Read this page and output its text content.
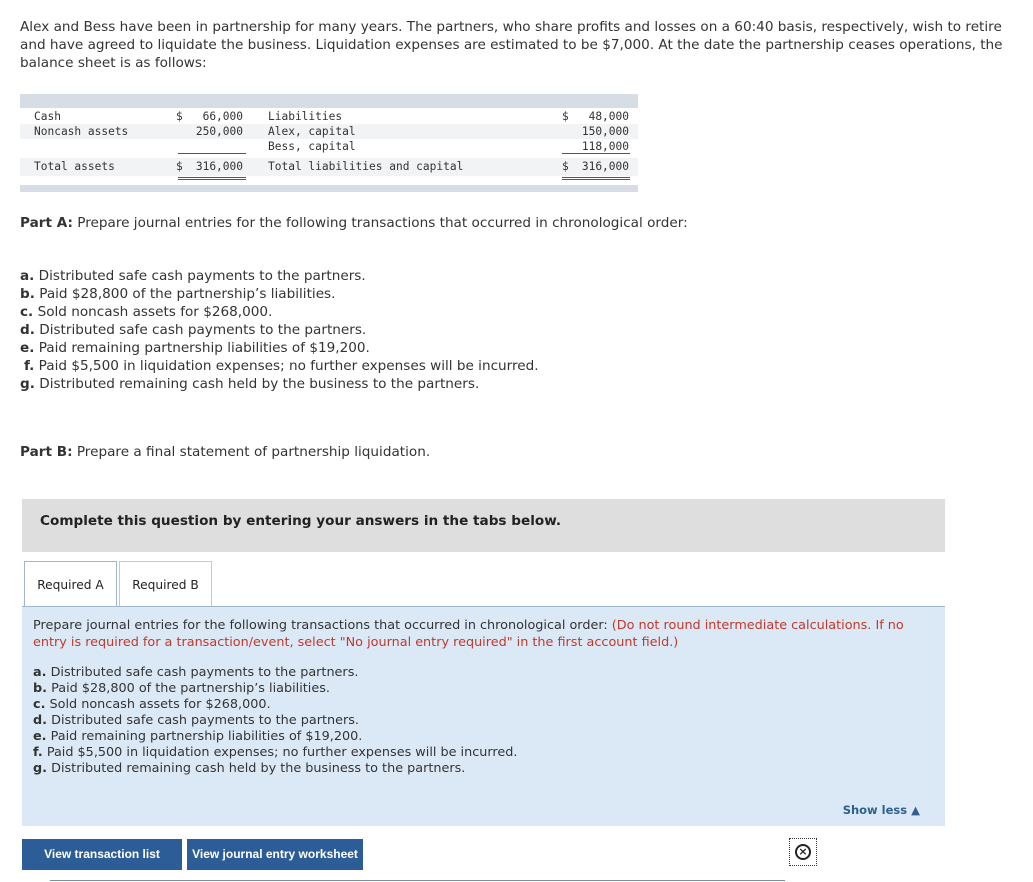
Alex and Bess have been in partnership for many years. The partners, who share profits and losses on a 60:40 basis, respectively, wish to retire and have agreed to liquidate the business. Liquidation expenses are estimated to be $7,000. At the date the partnership ceases operations, the balance sheet is as follows:
Cash	$ 66,000 Liabilities	$ 48,000
Noncash assets	250,000 Alex, capital	150,000
Bess, capital	118,000
Total assets	$ 316,000 Total liabilities and capital	$ 316,000
Part A: Prepare journal entries for the following transactions that occurred in chronological order:
a. Distributed safe cash payments to the partners.
b. Paid $28,800 of the partnership’s liabilities.
c. Sold noncash assets for $268,000.
d. Distributed safe cash payments to the partners.
e. Paid remaining partnership liabilities of $19,200.
f. Paid $5,500 in liquidation expenses; no further expenses will be incurred.
g. Distributed remaining cash held by the business to the partners.
Part B: Prepare a final statement of partnership liquidation.
Complete this question by entering your answers in the tabs below.
Required A	Required B
Prepare journal entries for the following transactions that occurred in chronological order: (Do not round intermediate calculations. If no entry is required for a transaction/event, select "No journal entry required" in the first account field.)
a. Distributed safe cash payments to the partners.
b. Paid $28,800 of the partnership’s liabilities.
c. Sold noncash assets for $268,000.
d. Distributed safe cash payments to the partners.
e. Paid remaining partnership liabilities of $19,200.
f. Paid $5,500 in liquidation expenses; no further expenses will be incurred.
g. Distributed remaining cash held by the business to the partners.
Show less ▲
View transaction list	View journal entry worksheet	×
